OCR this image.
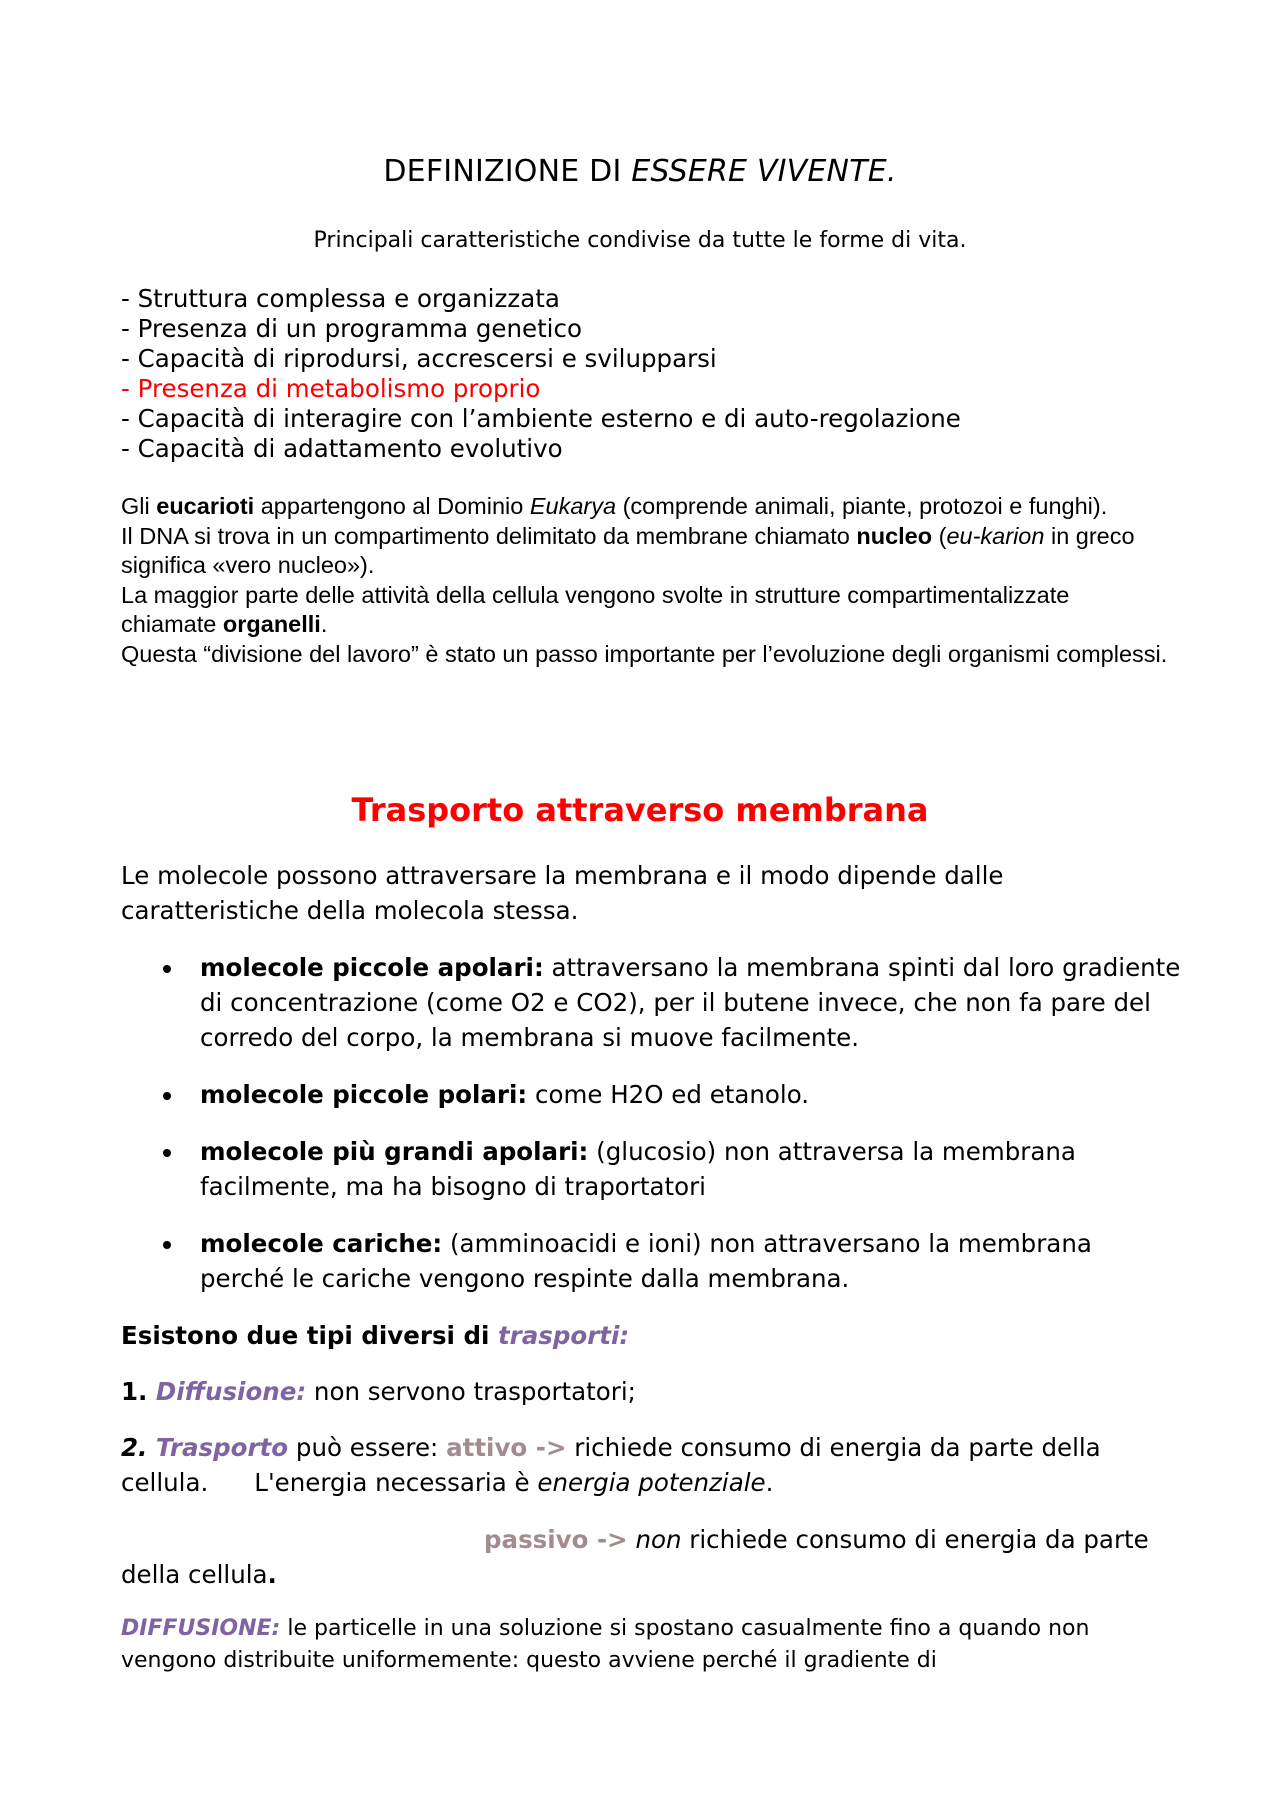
DEFINIZIONE DI ESSERE VIVENTE.
Principali caratteristiche condivise da tutte le forme di vita.
- Struttura complessa e organizzata
- Presenza di un programma genetico
- Capacità di riprodursi, accrescersi e svilupparsi
- Presenza di metabolismo proprio
- Capacità di interagire con l’ambiente esterno e di auto-regolazione
- Capacità di adattamento evolutivo

Gli eucarioti appartengono al Dominio Eukarya (comprende animali, piante, protozoi e funghi).

Il DNA si trova in un compartimento delimitato da membrane chiamato nucleo (eu-karion in greco significa «vero nucleo»).

La maggior parte delle attività della cellula vengono svolte in strutture compartimentalizzate chiamate organelli.

Questa “divisione del lavoro” è stato un passo importante per l’evoluzione degli organismi complessi.

Trasporto attraverso membrana

Le molecole possono attraversare la membrana e il modo dipende dalle caratteristiche della molecola stessa.

molecole piccole apolari: attraversano la membrana spinti dal loro gradiente di concentrazione (come O2 e CO2), per il butene invece, che non fa pare del corredo del corpo, la membrana si muove facilmente.
molecole piccole polari: come H2O ed etanolo.
molecole più grandi apolari: (glucosio) non attraversa la membrana facilmente, ma ha bisogno di traportatori
molecole cariche: (amminoacidi e ioni) non attraversano la membrana perché le cariche vengono respinte dalla membrana.

Esistono due tipi diversi di trasporti:

1. Diffusione: non servono trasportatori;

2. Trasporto può essere: attivo -> richiede consumo di energia da parte della cellula. L'energia necessaria è energia potenziale.

passivo -> non richiede consumo di energia da parte della cellula.

DIFFUSIONE: le particelle in una soluzione si spostano casualmente fino a quando non vengono distribuite uniformemente: questo avviene perché il gradiente di
